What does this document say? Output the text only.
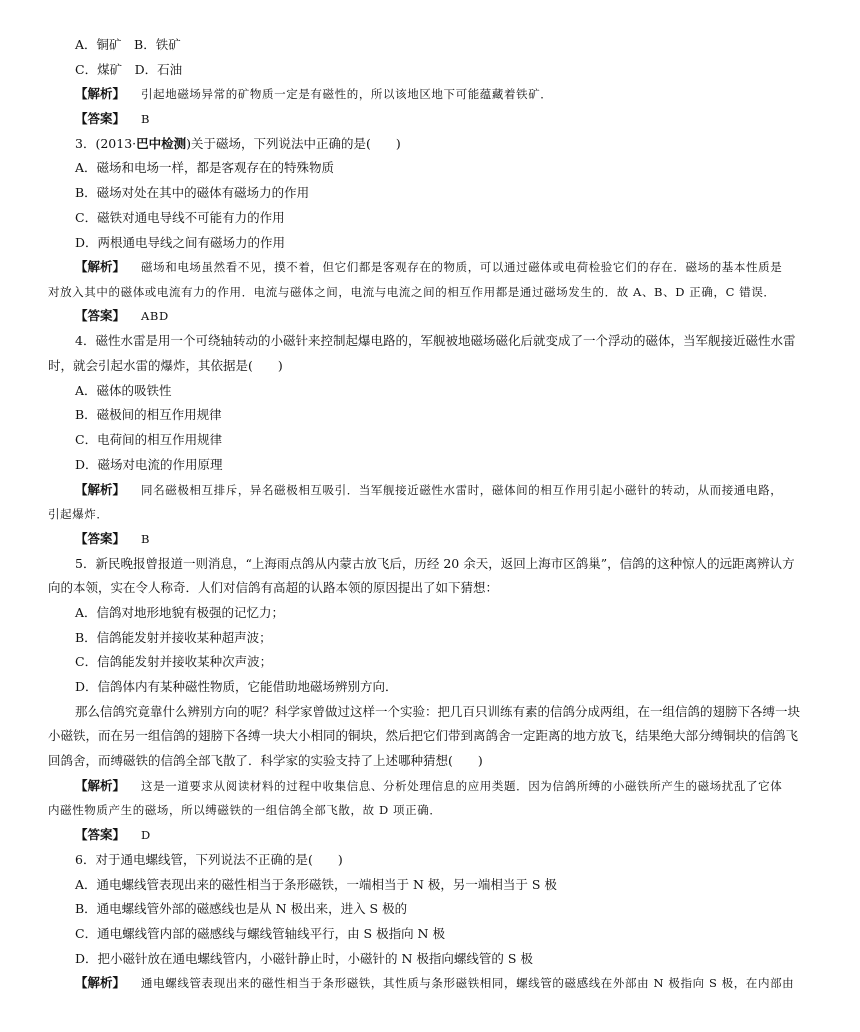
A．铜矿　B．铁矿
C．煤矿　D．石油
【解析】 引起地磁场异常的矿物质一定是有磁性的，所以该地区地下可能蕴藏着铁矿．
【答案】 B
3．(2013·巴中检测)关于磁场，下列说法中正确的是(　　)
A．磁场和电场一样，都是客观存在的特殊物质
B．磁场对处在其中的磁体有磁场力的作用
C．磁铁对通电导线不可能有力的作用
D．两根通电导线之间有磁场力的作用
【解析】 磁场和电场虽然看不见，摸不着，但它们都是客观存在的物质，可以通过磁体或电荷检验它们的存在．磁场的基本性质是
对放入其中的磁体或电流有力的作用．电流与磁体之间，电流与电流之间的相互作用都是通过磁场发生的．故 A、B、D 正确，C 错误．
【答案】 ABD
4．磁性水雷是用一个可绕轴转动的小磁针来控制起爆电路的，军舰被地磁场磁化后就变成了一个浮动的磁体，当军舰接近磁性水雷
时，就会引起水雷的爆炸，其依据是(　　)
A．磁体的吸铁性
B．磁极间的相互作用规律
C．电荷间的相互作用规律
D．磁场对电流的作用原理
【解析】 同名磁极相互排斥，异名磁极相互吸引．当军舰接近磁性水雷时，磁体间的相互作用引起小磁针的转动，从而接通电路，
引起爆炸．
【答案】 B
5．新民晚报曾报道一则消息，“上海雨点鸽从内蒙古放飞后，历经 20 余天，返回上海市区鸽巢”，信鸽的这种惊人的远距离辨认方
向的本领，实在令人称奇．人们对信鸽有高超的认路本领的原因提出了如下猜想：
A．信鸽对地形地貌有极强的记忆力；
B．信鸽能发射并接收某种超声波；
C．信鸽能发射并接收某种次声波；
D．信鸽体内有某种磁性物质，它能借助地磁场辨别方向．
那么信鸽究竟靠什么辨别方向的呢？科学家曾做过这样一个实验：把几百只训练有素的信鸽分成两组，在一组信鸽的翅膀下各缚一块
小磁铁，而在另一组信鸽的翅膀下各缚一块大小相同的铜块，然后把它们带到离鸽舍一定距离的地方放飞，结果绝大部分缚铜块的信鸽飞
回鸽舍，而缚磁铁的信鸽全部飞散了．科学家的实验支持了上述哪种猜想(　　)
【解析】 这是一道要求从阅读材料的过程中收集信息、分析处理信息的应用类题．因为信鸽所缚的小磁铁所产生的磁场扰乱了它体
内磁性物质产生的磁场，所以缚磁铁的一组信鸽全部飞散，故 D 项正确．
【答案】 D
6．对于通电螺线管，下列说法不正确的是(　　)
A．通电螺线管表现出来的磁性相当于条形磁铁，一端相当于 N 极，另一端相当于 S 极
B．通电螺线管外部的磁感线也是从 N 极出来，进入 S 极的
C．通电螺线管内部的磁感线与螺线管轴线平行，由 S 极指向 N 极
D．把小磁针放在通电螺线管内，小磁针静止时，小磁针的 N 极指向螺线管的 S 极
【解析】 通电螺线管表现出来的磁性相当于条形磁铁，其性质与条形磁铁相同，螺线管的磁感线在外部由 N 极指向 S 极，在内部由
